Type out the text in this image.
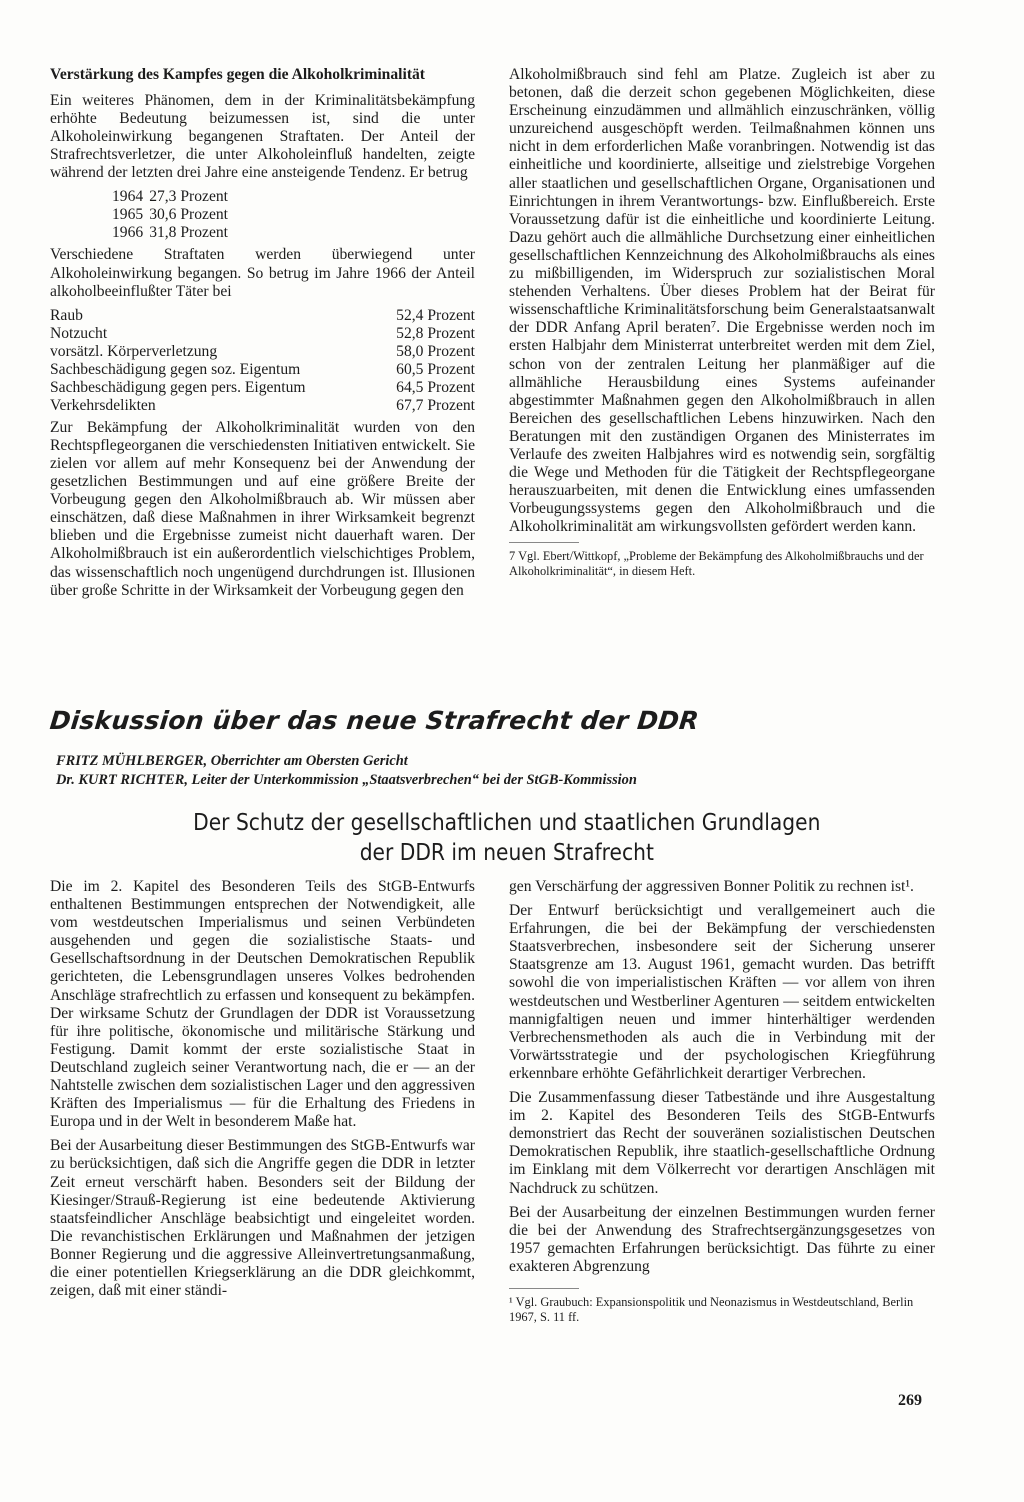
Verstärkung des Kampfes gegen die Alkoholkriminalität

Ein weiteres Phänomen, dem in der Kriminalitätsbekämpfung erhöhte Bedeutung beizumessen ist, sind die unter Alkoholeinwirkung begangenen Straftaten. Der Anteil der Strafrechtsverletzer, die unter Alkoholeinfluß handelten, zeigte während der letzten drei Jahre eine ansteigende Tendenz. Er betrug

1964	27,3 Prozent
1965	30,6 Prozent
1966	31,8 Prozent

Verschiedene Straftaten werden überwiegend unter Alkoholeinwirkung begangen. So betrug im Jahre 1966 der Anteil alkoholbeeinflußter Täter bei

Raub	52,4 Prozent
Notzucht	52,8 Prozent
vorsätzl. Körperverletzung	58,0 Prozent
Sachbeschädigung gegen soz. Eigentum	60,5 Prozent
Sachbeschädigung gegen pers. Eigentum	64,5 Prozent
Verkehrsdelikten	67,7 Prozent

Zur Bekämpfung der Alkoholkriminalität wurden von den Rechtspflegeorganen die verschiedensten Initiativen entwickelt. Sie zielen vor allem auf mehr Konsequenz bei der Anwendung der gesetzlichen Bestimmungen und auf eine größere Breite der Vorbeugung gegen den Alkoholmißbrauch ab. Wir müssen aber einschätzen, daß diese Maßnahmen in ihrer Wirksamkeit begrenzt blieben und die Ergebnisse zumeist nicht dauerhaft waren. Der Alkoholmißbrauch ist ein außerordentlich vielschichtiges Problem, das wissenschaftlich noch ungenügend durchdrungen ist. Illusionen über große Schritte in der Wirksamkeit der Vorbeugung gegen den

Alkoholmißbrauch sind fehl am Platze. Zugleich ist aber zu betonen, daß die derzeit schon gegebenen Möglichkeiten, diese Erscheinung einzudämmen und allmählich einzuschränken, völlig unzureichend ausgeschöpft werden. Teilmaßnahmen können uns nicht in dem erforderlichen Maße voranbringen. Notwendig ist das einheitliche und koordinierte, allseitige und zielstrebige Vorgehen aller staatlichen und gesellschaftlichen Organe, Organisationen und Einrichtungen in ihrem Verantwortungs- bzw. Einflußbereich. Erste Voraussetzung dafür ist die einheitliche und koordinierte Leitung. Dazu gehört auch die allmähliche Durchsetzung einer einheitlichen gesellschaftlichen Kennzeichnung des Alkoholmißbrauchs als eines zu mißbilligenden, im Widerspruch zur sozialistischen Moral stehenden Verhaltens. Über dieses Problem hat der Beirat für wissenschaftliche Kriminalitätsforschung beim Generalstaatsanwalt der DDR Anfang April beraten⁷. Die Ergebnisse werden noch im ersten Halbjahr dem Ministerrat unterbreitet werden mit dem Ziel, schon von der zentralen Leitung her planmäßiger auf die allmähliche Herausbildung eines Systems aufeinander abgestimmter Maßnahmen gegen den Alkoholmißbrauch in allen Bereichen des gesellschaftlichen Lebens hinzuwirken. Nach den Beratungen mit den zuständigen Organen des Ministerrates im Verlaufe des zweiten Halbjahres wird es notwendig sein, sorgfältig die Wege und Methoden für die Tätigkeit der Rechtspflegeorgane herauszuarbeiten, mit denen die Entwicklung eines umfassenden Vorbeugungssystems gegen den Alkoholmißbrauch und die Alkoholkriminalität am wirkungsvollsten gefördert werden kann.

7 Vgl. Ebert/Wittkopf, „Probleme der Bekämpfung des Alkoholmißbrauchs und der Alkoholkriminalität“, in diesem Heft.
Diskussion über das neue Strafrecht der DDR
FRITZ MÜHLBERGER, Oberrichter am Obersten Gericht
Dr. KURT RICHTER, Leiter der Unterkommission „Staatsverbrechen“ bei der StGB-Kommission
Der Schutz der gesellschaftlichen und staatlichen Grundlagen
der DDR im neuen Strafrecht

Die im 2. Kapitel des Besonderen Teils des StGB-Entwurfs enthaltenen Bestimmungen entsprechen der Notwendigkeit, alle vom westdeutschen Imperialismus und seinen Verbündeten ausgehenden und gegen die sozialistische Staats- und Gesellschaftsordnung in der Deutschen Demokratischen Republik gerichteten, die Lebensgrundlagen unseres Volkes bedrohenden Anschläge strafrechtlich zu erfassen und konsequent zu bekämpfen. Der wirksame Schutz der Grundlagen der DDR ist Voraussetzung für ihre politische, ökonomische und militärische Stärkung und Festigung. Damit kommt der erste sozialistische Staat in Deutschland zugleich seiner Verantwortung nach, die er — an der Nahtstelle zwischen dem sozialistischen Lager und den aggressiven Kräften des Imperialismus — für die Erhaltung des Friedens in Europa und in der Welt in besonderem Maße hat.

Bei der Ausarbeitung dieser Bestimmungen des StGB-Entwurfs war zu berücksichtigen, daß sich die Angriffe gegen die DDR in letzter Zeit erneut verschärft haben. Besonders seit der Bildung der Kiesinger/Strauß-Regierung ist eine bedeutende Aktivierung staatsfeindlicher Anschläge beabsichtigt und eingeleitet worden. Die revanchistischen Erklärungen und Maßnahmen der jetzigen Bonner Regierung und die aggressive Alleinvertretungsanmaßung, die einer potentiellen Kriegserklärung an die DDR gleichkommt, zeigen, daß mit einer ständi-

gen Verschärfung der aggressiven Bonner Politik zu rechnen ist¹.

Der Entwurf berücksichtigt und verallgemeinert auch die Erfahrungen, die bei der Bekämpfung der verschiedensten Staatsverbrechen, insbesondere seit der Sicherung unserer Staatsgrenze am 13. August 1961, gemacht wurden. Das betrifft sowohl die von imperialistischen Kräften — vor allem von ihren westdeutschen und Westberliner Agenturen — seitdem entwickelten mannigfaltigen neuen und immer hinterhältiger werdenden Verbrechensmethoden als auch die in Verbindung mit der Vorwärtsstrategie und der psychologischen Kriegführung erkennbare erhöhte Gefährlichkeit derartiger Verbrechen.

Die Zusammenfassung dieser Tatbestände und ihre Ausgestaltung im 2. Kapitel des Besonderen Teils des StGB-Entwurfs demonstriert das Recht der souveränen sozialistischen Deutschen Demokratischen Republik, ihre staatlich-gesellschaftliche Ordnung im Einklang mit dem Völkerrecht vor derartigen Anschlägen mit Nachdruck zu schützen.

Bei der Ausarbeitung der einzelnen Bestimmungen wurden ferner die bei der Anwendung des Strafrechtsergänzungsgesetzes von 1957 gemachten Erfahrungen berücksichtigt. Das führte zu einer exakteren Abgrenzung

¹ Vgl. Graubuch: Expansionspolitik und Neonazismus in Westdeutschland, Berlin 1967, S. 11 ff.
269
